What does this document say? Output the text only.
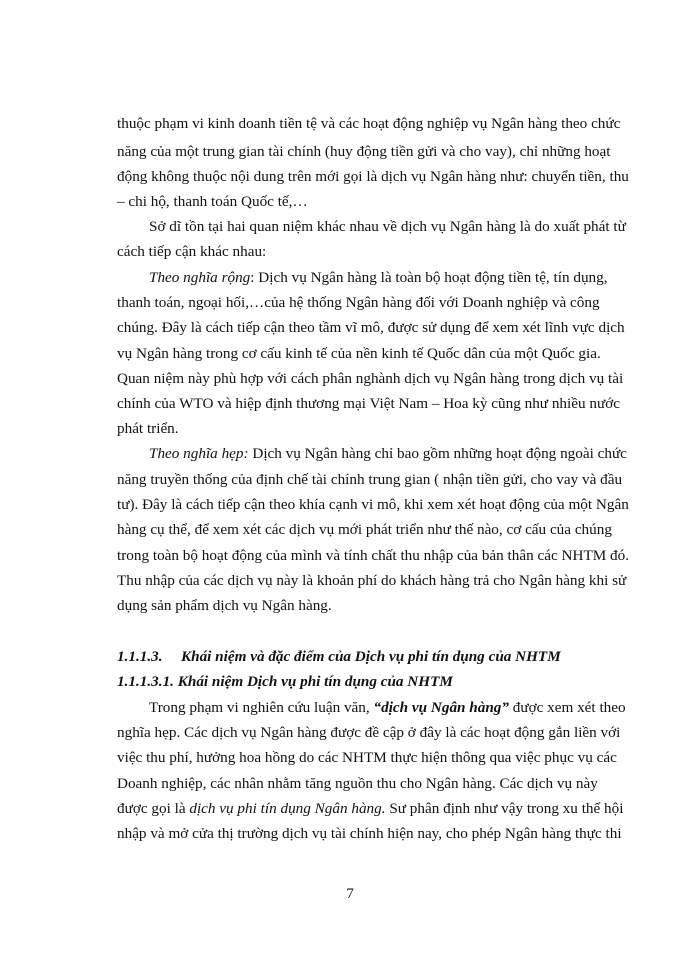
thuộc phạm vi kinh doanh tiền tệ và các hoạt động nghiệp vụ Ngân hàng theo chức
năng của một trung gian tài chính (huy động tiền gửi và cho vay), chỉ những hoạt
động không thuộc nội dung trên mới gọi là dịch vụ Ngân hàng như: chuyển tiền, thu
– chi hộ, thanh toán Quốc tế,…
Sở dĩ tồn tại hai quan niệm khác nhau về dịch vụ Ngân hàng là do xuất phát từ
cách tiếp cận khác nhau:
Theo nghĩa rộng: Dịch vụ Ngân hàng là toàn bộ hoạt động tiền tệ, tín dụng,
thanh toán, ngoại hối,…của hệ thống Ngân hàng đối với Doanh nghiệp và công
chúng. Đây là cách tiếp cận theo tầm vĩ mô, được sử dụng để xem xét lĩnh vực dịch
vụ Ngân hàng trong cơ cấu kinh tế của nền kinh tế Quốc dân của một Quốc gia.
Quan niệm này phù hợp với cách phân nghành dịch vụ Ngân hàng trong dịch vụ tài
chính của WTO và hiệp định thương mại Việt Nam – Hoa kỳ cũng như nhiều nước
phát triển.
Theo nghĩa hẹp: Dịch vụ Ngân hàng chỉ bao gồm những hoạt động ngoài chức
năng truyền thống của định chế tài chính trung gian ( nhận tiền gửi, cho vay và đầu
tư). Đây là cách tiếp cận theo khía cạnh vi mô, khi xem xét hoạt động của một Ngân
hàng cụ thể, để xem xét các dịch vụ mới phát triển như thế nào, cơ cấu của chúng
trong toàn bộ hoạt động của mình và tính chất thu nhập của bản thân các NHTM đó.
Thu nhập của các dịch vụ này là khoản phí do khách hàng trả cho Ngân hàng khi sử
dụng sản phẩm dịch vụ Ngân hàng.
1.1.1.3. Khái niệm và đặc điểm của Dịch vụ phi tín dụng của NHTM
1.1.1.3.1. Khái niệm Dịch vụ phi tín dụng của NHTM
Trong phạm vi nghiên cứu luận văn, “dịch vụ Ngân hàng” được xem xét theo
nghĩa hẹp. Các dịch vụ Ngân hàng được đề cập ở đây là các hoạt động gắn liền với
việc thu phí, hưởng hoa hồng do các NHTM thực hiện thông qua việc phục vụ các
Doanh nghiệp, các nhân nhằm tăng nguồn thu cho Ngân hàng. Các dịch vụ này
được gọi là dịch vụ phi tín dụng Ngân hàng. Sư phân định như vậy trong xu thế hội
nhập và mở cửa thị trường dịch vụ tài chính hiện nay, cho phép Ngân hàng thực thi
7
